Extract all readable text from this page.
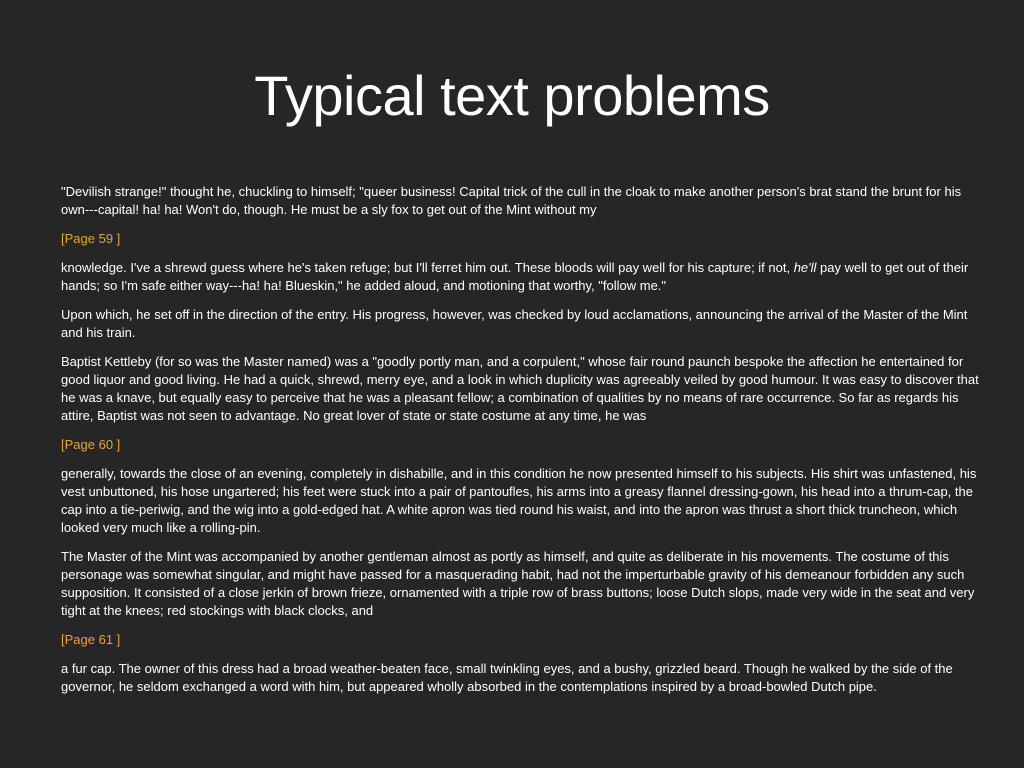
Typical text problems

"Devilish strange!" thought he, chuckling to himself; "queer business! Capital trick of the cull in the cloak to make another person's brat stand the brunt for his own---capital! ha! ha! Won't do, though. He must be a sly fox to get out of the Mint without my

[Page 59 ]

knowledge. I've a shrewd guess where he's taken refuge; but I'll ferret him out. These bloods will pay well for his capture; if not, he'll pay well to get out of their hands; so I'm safe either way---ha! ha! Blueskin," he added aloud, and motioning that worthy, "follow me."

Upon which, he set off in the direction of the entry. His progress, however, was checked by loud acclamations, announcing the arrival of the Master of the Mint and his train.

Baptist Kettleby (for so was the Master named) was a "goodly portly man, and a corpulent," whose fair round paunch bespoke the affection he entertained for good liquor and good living. He had a quick, shrewd, merry eye, and a look in which duplicity was agreeably veiled by good humour. It was easy to discover that he was a knave, but equally easy to perceive that he was a pleasant fellow; a combination of qualities by no means of rare occurrence. So far as regards his attire, Baptist was not seen to advantage. No great lover of state or state costume at any time, he was

[Page 60 ]

generally, towards the close of an evening, completely in dishabille, and in this condition he now presented himself to his subjects. His shirt was unfastened, his vest unbuttoned, his hose ungartered; his feet were stuck into a pair of pantoufles, his arms into a greasy flannel dressing-gown, his head into a thrum-cap, the cap into a tie-periwig, and the wig into a gold-edged hat. A white apron was tied round his waist, and into the apron was thrust a short thick truncheon, which looked very much like a rolling-pin.

The Master of the Mint was accompanied by another gentleman almost as portly as himself, and quite as deliberate in his movements. The costume of this personage was somewhat singular, and might have passed for a masquerading habit, had not the imperturbable gravity of his demeanour forbidden any such supposition. It consisted of a close jerkin of brown frieze, ornamented with a triple row of brass buttons; loose Dutch slops, made very wide in the seat and very tight at the knees; red stockings with black clocks, and

[Page 61 ]

a fur cap. The owner of this dress had a broad weather-beaten face, small twinkling eyes, and a bushy, grizzled beard. Though he walked by the side of the governor, he seldom exchanged a word with him, but appeared wholly absorbed in the contemplations inspired by a broad-bowled Dutch pipe.
